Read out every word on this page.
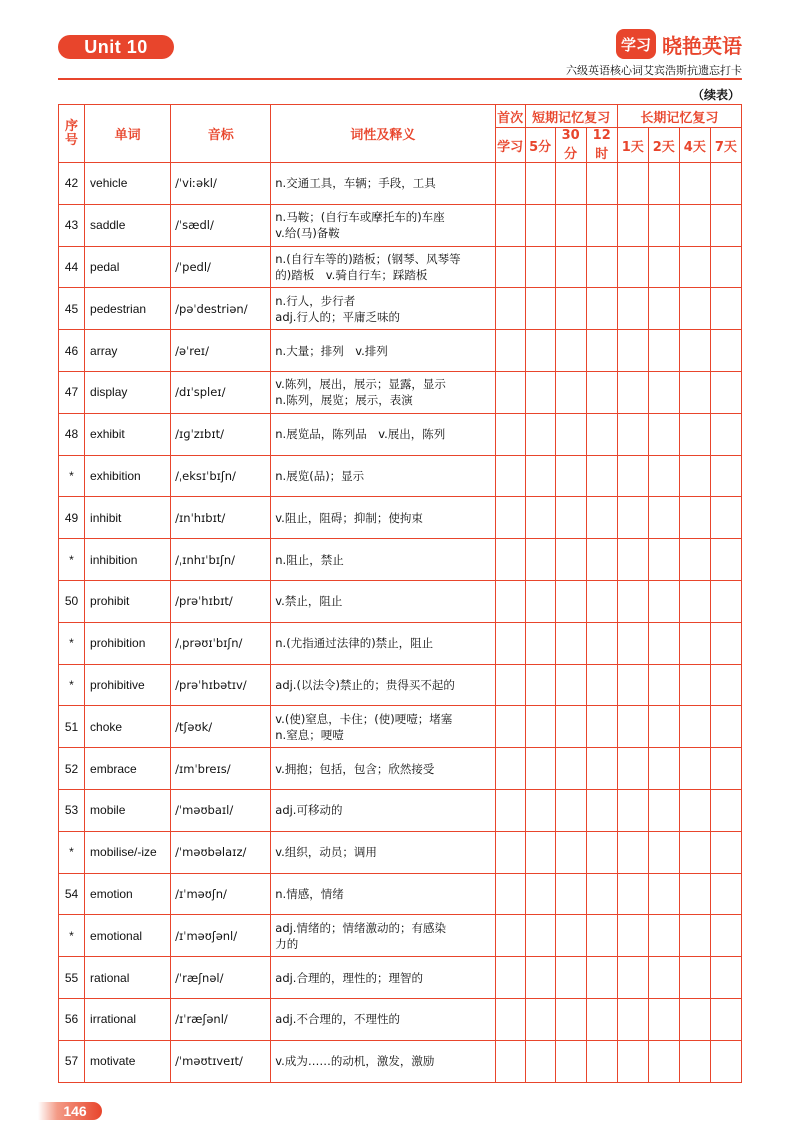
Unit 10	学习 晓艳英语
六级英语核心词艾宾浩斯抗遗忘打卡
（续表）
序号	单词	音标	词性及释义	首次	短期记忆复习			长期记忆复习			
				学习	5分	30分	12时	1天	2天	4天	7天
42	vehicle	/ˈviːəkl/	n.交通工具，车辆；手段，工具								

43	saddle	/ˈsædl/	n.马鞍；(自行车或摩托车的)车座
v.给(马)备鞍								

44	pedal	/ˈpedl/	n.(自行车等的)踏板；(钢琴、风琴等
的)踏板　v.骑自行车；踩踏板								

45	pedestrian	/pəˈdestriən/	n.行人，步行者
adj.行人的；平庸乏味的								

46	array	/əˈreɪ/	n.大量；排列　v.排列								

47	display	/dɪˈspleɪ/	v.陈列，展出，展示；显露，显示
n.陈列，展览；展示，表演								

48	exhibit	/ɪɡˈzɪbɪt/	n.展览品，陈列品　v.展出，陈列								

*	exhibition	/ˌeksɪˈbɪʃn/	n.展览(品)；显示								

49	inhibit	/ɪnˈhɪbɪt/	v.阻止，阻碍；抑制；使拘束								

*	inhibition	/ˌɪnhɪˈbɪʃn/	n.阻止，禁止								

50	prohibit	/prəˈhɪbɪt/	v.禁止，阻止								

*	prohibition	/ˌprəʊɪˈbɪʃn/	n.(尤指通过法律的)禁止，阻止								

*	prohibitive	/prəˈhɪbətɪv/	adj.(以法令)禁止的；贵得买不起的								

51	choke	/tʃəʊk/	v.(使)窒息，卡住；(使)哽噎；堵塞
n.窒息；哽噎								

52	embrace	/ɪmˈbreɪs/	v.拥抱；包括，包含；欣然接受								

53	mobile	/ˈməʊbaɪl/	adj.可移动的								

*	mobilise/-ize	/ˈməʊbəlaɪz/	v.组织，动员；调用								

54	emotion	/ɪˈməʊʃn/	n.情感，情绪								

*	emotional	/ɪˈməʊʃənl/	adj.情绪的；情绪激动的；有感染
力的								

55	rational	/ˈræʃnəl/	adj.合理的，理性的；理智的								

56	irrational	/ɪˈræʃənl/	adj.不合理的，不理性的								

57	motivate	/ˈməʊtɪveɪt/	v.成为……的动机，激发，激励								

146
